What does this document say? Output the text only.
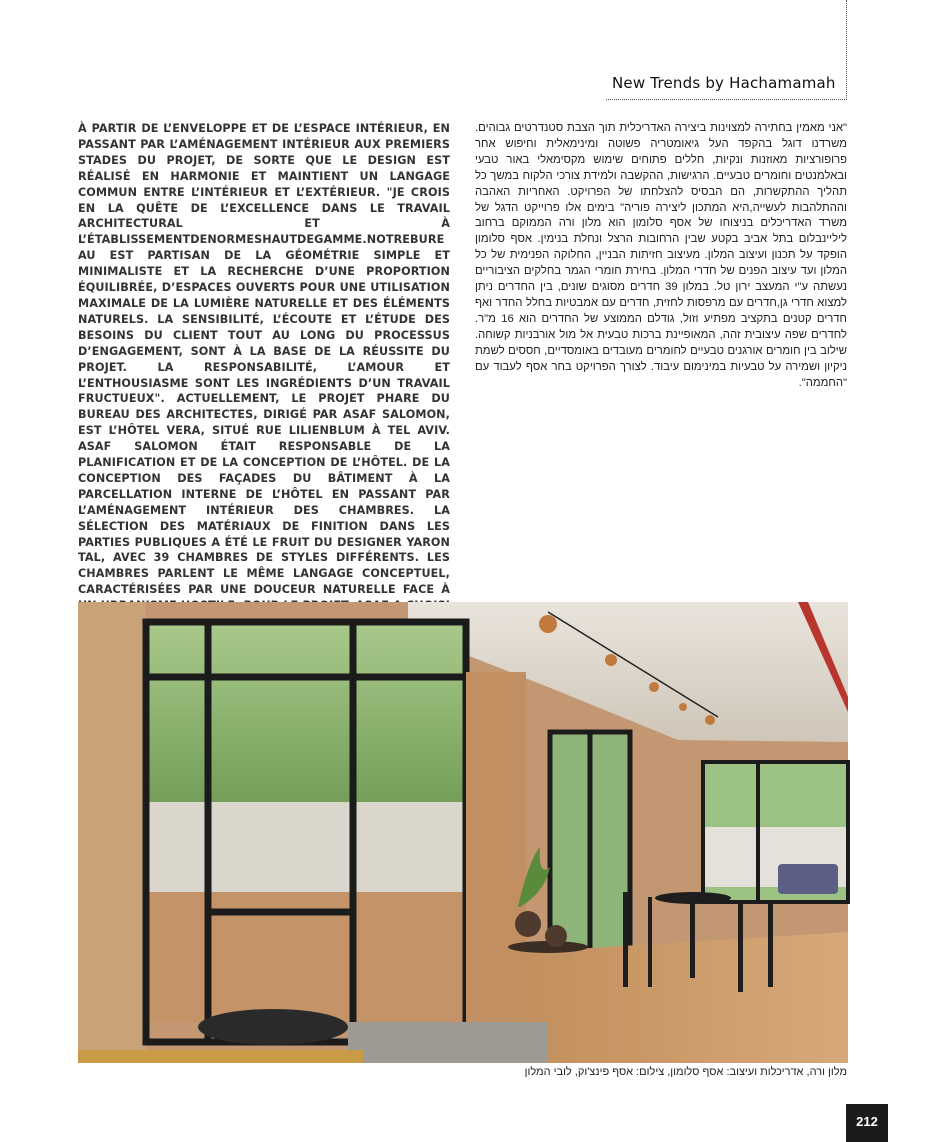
New Trends by Hachamamah
À PARTIR DE L’ENVELOPPE ET DE L’ESPACE INTÉRIEUR, EN PASSANT PAR L’AMÉNAGEMENT INTÉRIEUR AUX PREMIERS STADES DU PROJET, DE SORTE QUE LE DESIGN EST RÉALISÉ EN HARMONIE ET MAINTIENT UN LANGAGE COMMUN ENTRE L’INTÉRIEUR ET L’EXTÉRIEUR. "JE CROIS EN LA QUÊTE DE L’EXCELLENCE DANS LE TRAVAIL ARCHITECTURAL ET À L’ÉTABLISSEMENTDENORMESHAUTDEGAMME.NOTREBUREAU EST PARTISAN DE LA GÉOMÉTRIE SIMPLE ET MINIMALISTE ET LA RECHERCHE D’UNE PROPORTION ÉQUILIBRÉE, D’ESPACES OUVERTS POUR UNE UTILISATION MAXIMALE DE LA LUMIÈRE NATURELLE ET DES ÉLÉMENTS NATURELS. LA SENSIBILITÉ, L’ÉCOUTE ET L’ÉTUDE DES BESOINS DU CLIENT TOUT AU LONG DU PROCESSUS D’ENGAGEMENT, SONT À LA BASE DE LA RÉUSSITE DU PROJET. LA RESPONSABILITÉ, L’AMOUR ET L’ENTHOUSIASME SONT LES INGRÉDIENTS D’UN TRAVAIL FRUCTUEUX". ACTUELLEMENT, LE PROJET PHARE DU BUREAU DES ARCHITECTES, DIRIGÉ PAR ASAF SALOMON, EST L’HÔTEL VERA, SITUÉ RUE LILIENBLUM À TEL AVIV. ASAF SALOMON ÉTAIT RESPONSABLE DE LA PLANIFICATION ET DE LA CONCEPTION DE L’HÔTEL. DE LA CONCEPTION DES FAÇADES DU BÂTIMENT À LA PARCELLATION INTERNE DE L’HÔTEL EN PASSANT PAR L’AMÉNAGEMENT INTÉRIEUR DES CHAMBRES. LA SÉLECTION DES MATÉRIAUX DE FINITION DANS LES PARTIES PUBLIQUES A ÉTÉ LE FRUIT DU DESIGNER YARON TAL, AVEC 39 CHAMBRES DE STYLES DIFFÉRENTS. LES CHAMBRES PARLENT LE MÊME LANGAGE CONCEPTUEL, CARACTÉRISÉES PAR UNE DOUCEUR NATURELLE FACE À
"אני מאמין בחתירה למצוינות ביצירה האדריכלית תוך הצבת סטנדרטים גבוהים. משרדנו דוגל בהקפד העל גיאומטריה פשוטה ומינימאלית וחיפוש אחר פרופורציות מאוזנות ונקיות, חללים פתוחים שימוש מקסימאלי באור טבעי ובאלמנטים וחומרים טבעיים. הרגישות, ההקשבה ולמידת צורכי הלקוח במשך כל תהליך ההתקשרות, הם הבסיס להצלחתו של הפרויקט. האחריות האהבה וההתלהבות לעשייה,היא המתכון ליצירה פוריה" בימים אלו פרוייקט הדגל של משרד האדריכלים בניצוחו של אסף סלומון הוא מלון ורה הממוקם ברחוב ליליינבלום בתל אביב בקטע שבין הרחובות הרצל ונחלת בנימין. אסף סלומון הופקד על תכנון ועיצוב המלון. מעיצוב חזיתות הבניין, החלוקה הפנימית של כל המלון ועד עיצוב הפנים של חדרי המלון. בחירת חומרי הגמר בחלקים הציבוריים נעשתה ע"י המעצב ירון טל. במלון 39 חדרים מסוגים שונים, בין החדרים ניתן למצוא חדרי גן,חדרים עם מרפסות לחזית, חדרים עם אמבטיות בחלל החדר ואף חדרים קטנים בתקציב מפתיע וזול, גודלם הממוצע של החדרים הוא 16 מ"ר. לחדרים שפה עיצובית זהה, המאופיינת ברכות טבעית אל מול אורבניות קשוחה. שילוב בין חומרים אורגנים טבעיים לחומרים מעובדים באומסדיים, חססים לשמת ניקיון ושמירה על טבעיות במינימום עיבוד. לצורך הפרויקט בחר אסף לעבוד עם "החממה".
מלון ורה, אדריכלות ועיצוב: אסף סלומון, צילום: אסף פינצ'וק, לובי המלון
212
